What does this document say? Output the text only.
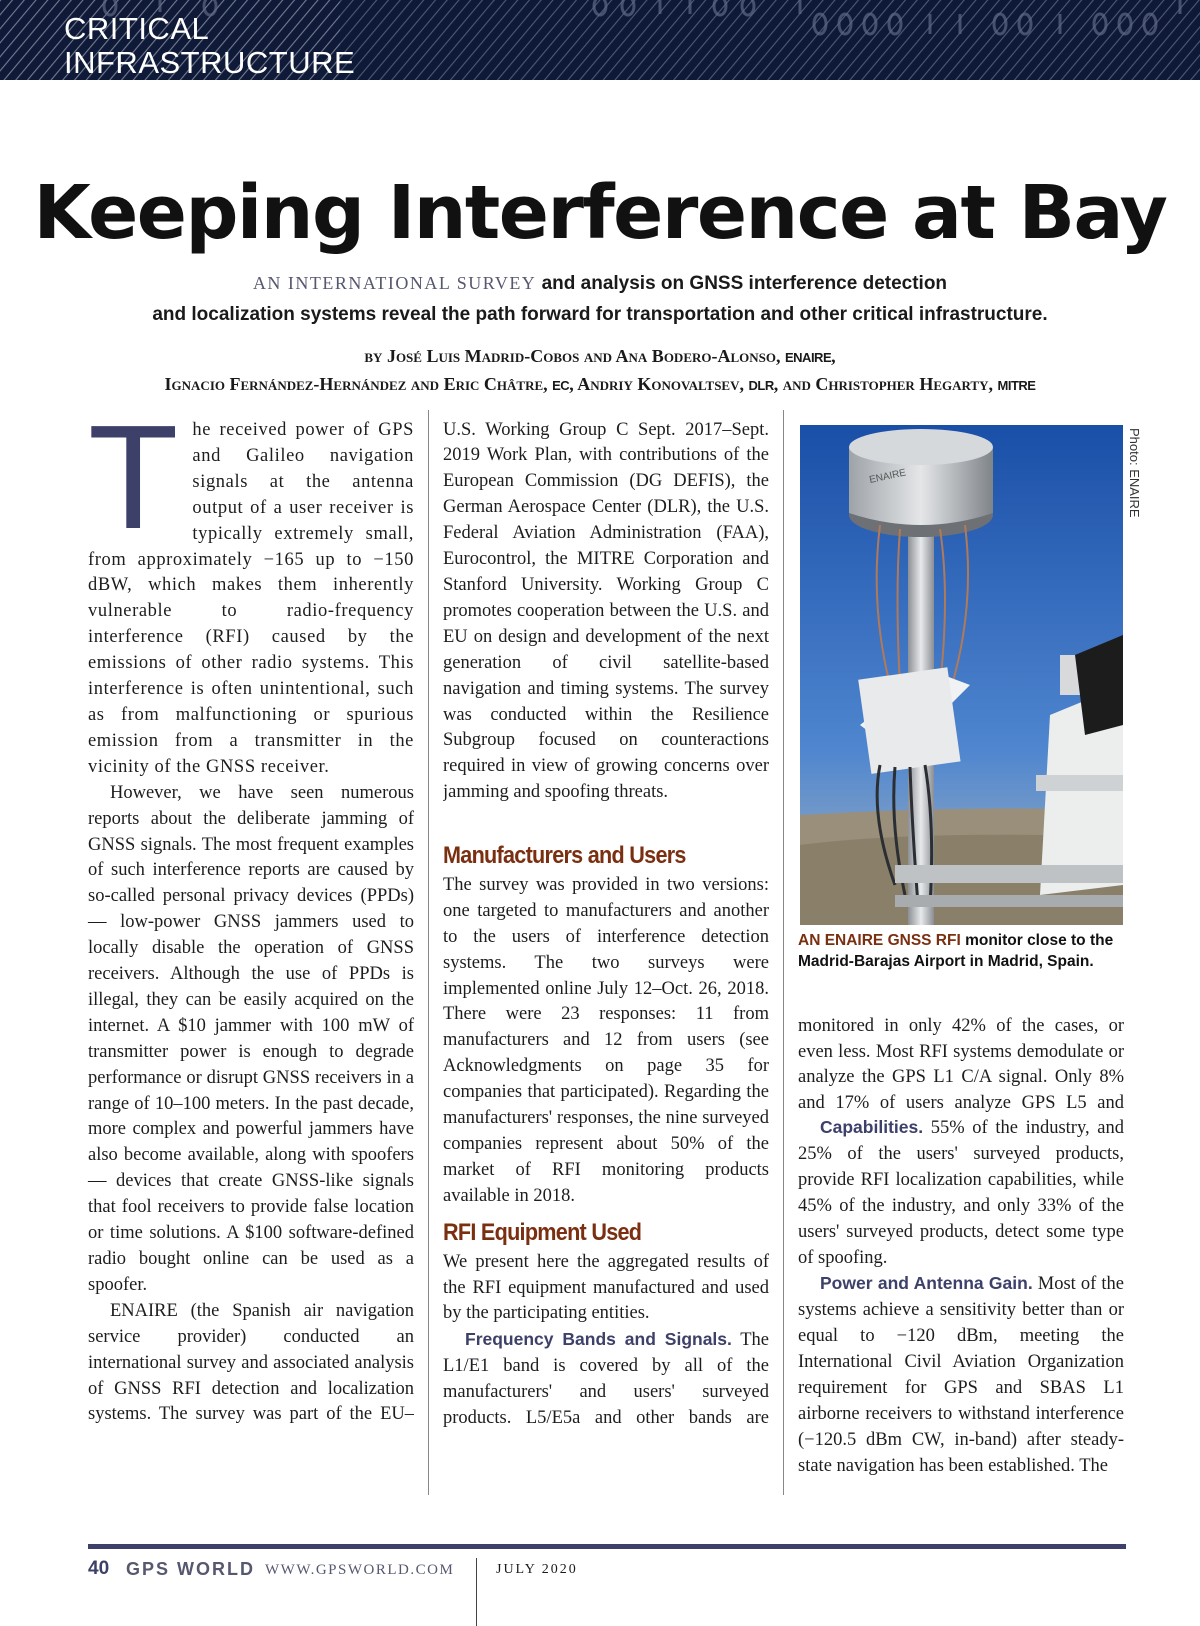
CRITICAL
INFRASTRUCTURE
Keeping Interference at Bay
AN INTERNATIONAL SURVEY and analysis on GNSS interference detection
and localization systems reveal the path forward for transportation and other critical infrastructure.
by José Luis Madrid-Cobos and Ana Bodero-Alonso, ENAIRE,
Ignacio Fernández-Hernández and Eric Châtre, EC, Andriy Konovaltsev, DLR, and Christopher Hegarty, MITRE

The received power of GPS and Galileo navigation signals at the antenna output of a user receiver is typically extremely small, from approximately −165 up to −150 dBW, which makes them inherently vulnerable to radio-frequency interference (RFI) caused by the emissions of other radio systems. This interference is often unintentional, such as from malfunctioning or spurious emission from a transmitter in the vicinity of the GNSS receiver.

However, we have seen numerous reports about the deliberate jamming of GNSS signals. The most frequent examples of such interference reports are caused by so-called personal privacy devices (PPDs) — low-power GNSS jammers used to locally disable the operation of GNSS receivers. Although the use of PPDs is illegal, they can be easily acquired on the internet. A $10 jammer with 100 mW of transmitter power is enough to degrade performance or disrupt GNSS receivers in a range of 10–100 meters. In the past decade, more complex and powerful jammers have also become available, along with spoofers — devices that create GNSS-like signals that fool receivers to provide false location or time solutions. A $100 software-defined radio bought online can be used as a spoofer.

ENAIRE (the Spanish air navigation service provider) conducted an international survey and associated analysis of GNSS RFI detection and localization systems. The survey was part of the EU–

U.S. Working Group C Sept. 2017–Sept. 2019 Work Plan, with contributions of the European Commission (DG DEFIS), the German Aerospace Center (DLR), the U.S. Federal Aviation Administration (FAA), Eurocontrol, the MITRE Corporation and Stanford University. Working Group C promotes cooperation between the U.S. and EU on design and development of the next generation of civil satellite-based navigation and timing systems. The survey was conducted within the Resilience Subgroup focused on counteractions required in view of growing concerns over jamming and spoofing threats.

Manufacturers and Users

The survey was provided in two versions: one targeted to manufacturers and another to the users of interference detection systems. The two surveys were implemented online July 12–Oct. 26, 2018. There were 23 responses: 11 from manufacturers and 12 from users (see Acknowledgments on page 35 for companies that participated). Regarding the manufacturers' responses, the nine surveyed companies represent about 50% of the market of RFI monitoring products available in 2018.

RFI Equipment Used

We present here the aggregated results of the RFI equipment manufactured and used by the participating entities.

Frequency Bands and Signals. The L1/E1 band is covered by all of the manufacturers' and users' surveyed products. L5/E5a and other bands are

ENAIRE	Photo: ENAIRE
AN ENAIRE GNSS RFI monitor close to the Madrid-Barajas Airport in Madrid, Spain.

monitored in only 42% of the cases, or even less. Most RFI systems demodulate or analyze the GPS L1 C/A signal. Only 8% and 17% of users analyze GPS L5 and

Capabilities. 55% of the industry, and 25% of the users' surveyed products, provide RFI localization capabilities, while 45% of the industry, and only 33% of the users' surveyed products, detect some type of spoofing.

Power and Antenna Gain. Most of the systems achieve a sensitivity better than or equal to −120 dBm, meeting the International Civil Aviation Organization requirement for GPS and SBAS L1 airborne receivers to withstand interference (−120.5 dBm CW, in-band) after steady-state navigation has been established. The

40 GPS WORLD WWW.GPSWORLD.COM	JULY 2020
